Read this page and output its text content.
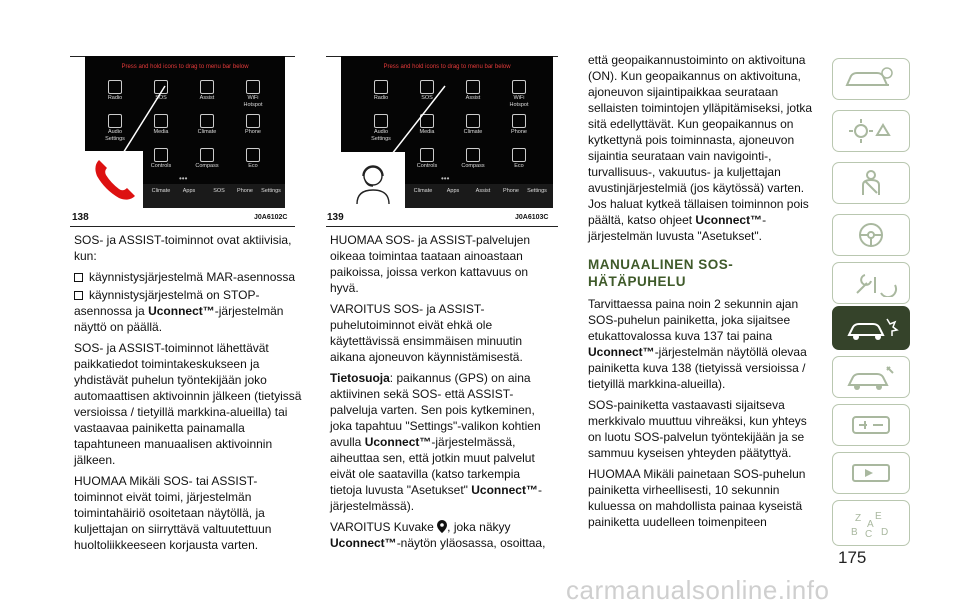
Press and hold icons to drag to menu bar below
Radio	SOS	Assist	WiFi
Hotspot
Audio
Settings
Media	Climate	Phone
Controls	Compass	Eco
•••
Climate	Apps	SOS	Phone	Settings
138	J0A6102C
Press and hold icons to drag to menu bar below
Radio	SOS	Assist	WiFi
Hotspot
Audio
Settings
Media	Climate	Phone
Controls	Compass	Eco
•••
Climate	Apps	Assist	Phone	Settings
139	J0A6103C

SOS- ja ASSIST-toiminnot ovat aktiivisia, kun:

käynnistysjärjestelmä MAR-asennossa

käynnistysjärjestelmä on STOP-asennossa ja Uconnect™-järjestelmän näyttö on päällä.

SOS- ja ASSIST-toiminnot lähettävät paikkatiedot toimintakeskukseen ja yhdistävät puhelun työntekijään joko automaattisen aktivoinnin jälkeen (tietyissä versioissa / tietyillä markkina-alueilla) tai vastaavaa painiketta painamalla tapahtuneen manuaalisen aktivoinnin jälkeen.

HUOMAA Mikäli SOS- tai ASSIST-toiminnot eivät toimi, järjestelmän toimintahäiriö osoitetaan näytöllä, ja kuljettajan on siirryttävä valtuutettuun huoltoliikkeeseen korjausta varten.

HUOMAA SOS- ja ASSIST-palvelujen oikeaa toimintaa taataan ainoastaan paikoissa, joissa verkon kattavuus on hyvä.

VAROITUS SOS- ja ASSIST-puhelutoiminnot eivät ehkä ole käytettävissä ensimmäisen minuutin aikana ajoneuvon käynnistämisestä.

Tietosuoja: paikannus (GPS) on aina aktiivinen sekä SOS- että ASSIST-palveluja varten. Sen pois kytkeminen, joka tapahtuu "Settings"-valikon kohtien avulla Uconnect™-järjestelmässä, aiheuttaa sen, että jotkin muut palvelut eivät ole saatavilla (katso tarkempia tietoja luvusta "Asetukset" Uconnect™-järjestelmässä).

VAROITUS Kuvake , joka näkyy Uconnect™-näytön yläosassa, osoittaa,

että geopaikannustoiminto on aktivoituna (ON). Kun geopaikannus on aktivoituna, ajoneuvon sijaintipaikkaa seurataan sellaisten toimintojen ylläpitämiseksi, jotka sitä edellyttävät. Kun geopaikannus on kytkettynä pois toiminnasta, ajoneuvon sijaintia seurataan vain navigointi-, turvallisuus-, vakuutus- ja kuljettajan avustinjärjestelmiä (jos käytössä) varten. Jos haluat kytkeä tällaisen toiminnon pois päältä, katso ohjeet Uconnect™-järjestelmän luvusta "Asetukset".

MANUAALINEN SOS-HÄTÄPUHELU

Tarvittaessa paina noin 2 sekunnin ajan SOS-puhelun painiketta, joka sijaitsee etukattovalossa kuva 137 tai paina Uconnect™-järjestelmän näytöllä olevaa painiketta kuva 138 (tietyissä versioissa / tietyillä markkina-alueilla).

SOS-painiketta vastaavasti sijaitseva merkkivalo muuttuu vihreäksi, kun yhteys on luotu SOS-palvelun työntekijään ja se sammuu kyseisen yhteyden päätyttyä.

HUOMAA Mikäli painetaan SOS-puhelun painiketta virheellisesti, 10 sekunnin kuluessa on mahdollista painaa kyseistä painiketta uudelleen toimenpiteen	Z E
B C D
A
175
carmanualsonline.info
